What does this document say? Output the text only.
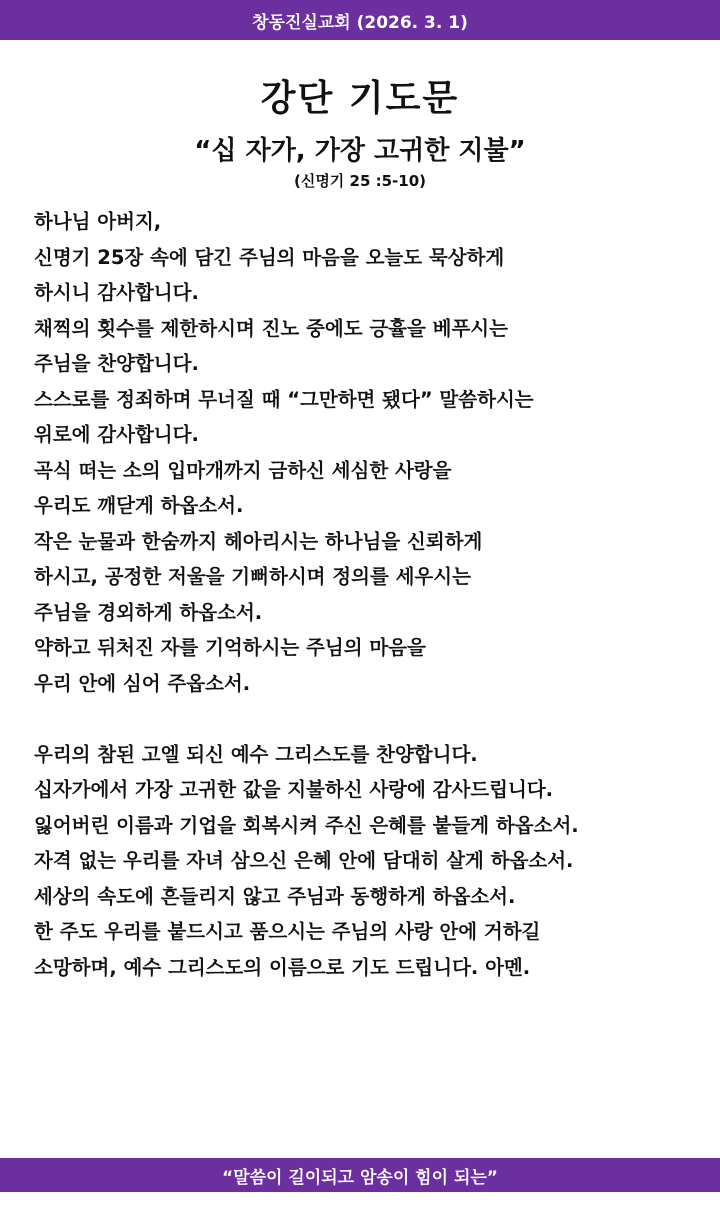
창동진실교회 (2026. 3. 1)
강단 기도문
“십 자가, 가장 고귀한 지불”
(신명기 25 :5-10)
하나님 아버지,
신명기 25장 속에 담긴 주님의 마음을 오늘도 묵상하게
하시니 감사합니다.
채찍의 횟수를 제한하시며 진노 중에도 긍휼을 베푸시는
주님을 찬양합니다.
스스로를 정죄하며 무너질 때 “그만하면 됐다” 말씀하시는
위로에 감사합니다.
곡식 떠는 소의 입마개까지 금하신 세심한 사랑을
우리도 깨닫게 하옵소서.
작은 눈물과 한숨까지 헤아리시는 하나님을 신뢰하게
하시고, 공정한 저울을 기뻐하시며 정의를 세우시는
주님을 경외하게 하옵소서.
약하고 뒤처진 자를 기억하시는 주님의 마음을
우리 안에 심어 주옵소서.
우리의 참된 고엘 되신 예수 그리스도를 찬양합니다.
십자가에서 가장 고귀한 값을 지불하신 사랑에 감사드립니다.
잃어버린 이름과 기업을 회복시켜 주신 은혜를 붙들게 하옵소서.
자격 없는 우리를 자녀 삼으신 은혜 안에 담대히 살게 하옵소서.
세상의 속도에 흔들리지 않고 주님과 동행하게 하옵소서.
한 주도 우리를 붙드시고 품으시는 주님의 사랑 안에 거하길
소망하며, 예수 그리스도의 이름으로 기도 드립니다. 아멘.
“말씀이 길이되고 암송이 힘이 되는”
